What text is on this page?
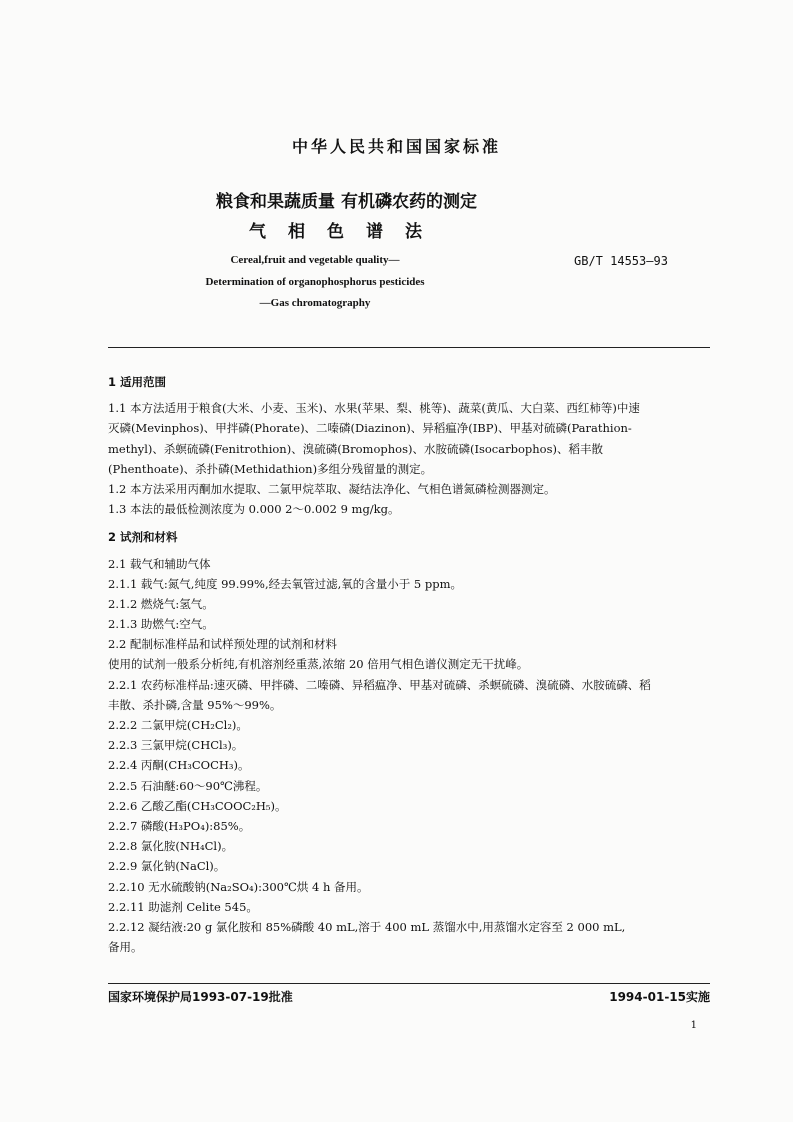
中华人民共和国国家标准
粮食和果蔬质量 有机磷农药的测定
气相色谱法
Cereal,fruit and vegetable quality—
Determination of organophosphorus pesticides
—Gas chromatography
GB/T 14553—93
1 适用范围
1.1 本方法适用于粮食(大米、小麦、玉米)、水果(苹果、梨、桃等)、蔬菜(黄瓜、大白菜、西红柿等)中速
灭磷(Mevinphos)、甲拌磷(Phorate)、二嗪磷(Diazinon)、异稻瘟净(IBP)、甲基对硫磷(Parathion-
methyl)、杀螟硫磷(Fenitrothion)、溴硫磷(Bromophos)、水胺硫磷(Isocarbophos)、稻丰散
(Phenthoate)、杀扑磷(Methidathion)多组分残留量的测定。
1.2 本方法采用丙酮加水提取、二氯甲烷萃取、凝结法净化、气相色谱氮磷检测器测定。
1.3 本法的最低检测浓度为 0.000 2～0.002 9 mg/kg。
2 试剂和材料
2.1 载气和辅助气体
2.1.1 载气:氮气,纯度 99.99%,经去氧管过滤,氧的含量小于 5 ppm。
2.1.2 燃烧气:氢气。
2.1.3 助燃气:空气。
2.2 配制标准样品和试样预处理的试剂和材料
使用的试剂一般系分析纯,有机溶剂经重蒸,浓缩 20 倍用气相色谱仪测定无干扰峰。
2.2.1 农药标准样品:速灭磷、甲拌磷、二嗪磷、异稻瘟净、甲基对硫磷、杀螟硫磷、溴硫磷、水胺硫磷、稻
丰散、杀扑磷,含量 95%～99%。
2.2.2 二氯甲烷(CH₂Cl₂)。
2.2.3 三氯甲烷(CHCl₃)。
2.2.4 丙酮(CH₃COCH₃)。
2.2.5 石油醚:60～90℃沸程。
2.2.6 乙酸乙酯(CH₃COOC₂H₅)。
2.2.7 磷酸(H₃PO₄):85%。
2.2.8 氯化胺(NH₄Cl)。
2.2.9 氯化钠(NaCl)。
2.2.10 无水硫酸钠(Na₂SO₄):300℃烘 4 h 备用。
2.2.11 助滤剂 Celite 545。
2.2.12 凝结液:20 g 氯化胺和 85%磷酸 40 mL,溶于 400 mL 蒸馏水中,用蒸馏水定容至 2 000 mL,
备用。
国家环境保护局1993-07-19批准	1994-01-15实施
1
